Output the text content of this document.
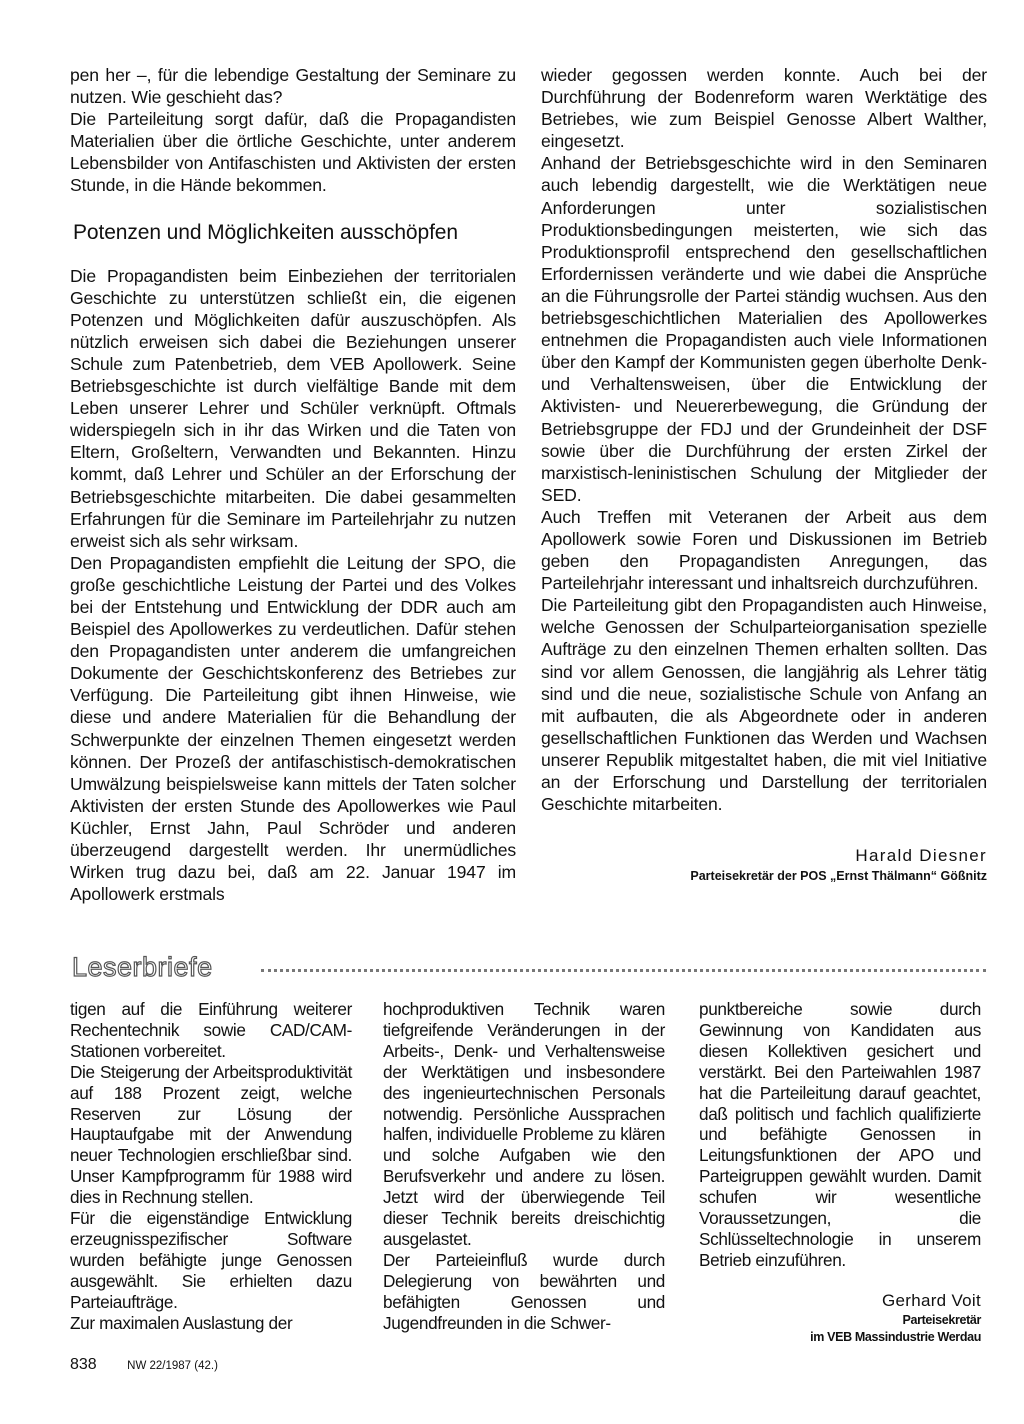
pen her –, für die lebendige Gestaltung der Seminare zu nutzen. Wie geschieht das?

Die Parteileitung sorgt dafür, daß die Propagandisten Materialien über die örtliche Geschichte, unter anderem Lebensbilder von Antifaschisten und Aktivisten der ersten Stunde, in die Hände bekommen.

Potenzen und Möglichkeiten ausschöpfen

Die Propagandisten beim Einbeziehen der territorialen Geschichte zu unterstützen schließt ein, die eigenen Potenzen und Möglichkeiten dafür auszuschöpfen. Als nützlich erweisen sich dabei die Beziehungen unserer Schule zum Patenbetrieb, dem VEB Apollowerk. Seine Betriebsgeschichte ist durch vielfältige Bande mit dem Leben unserer Lehrer und Schüler verknüpft. Oftmals widerspiegeln sich in ihr das Wirken und die Taten von Eltern, Großeltern, Verwandten und Bekannten. Hinzu kommt, daß Lehrer und Schüler an der Erforschung der Betriebsgeschichte mitarbeiten. Die dabei gesammelten Erfahrungen für die Seminare im Parteilehrjahr zu nutzen erweist sich als sehr wirksam.

Den Propagandisten empfiehlt die Leitung der SPO, die große geschichtliche Leistung der Partei und des Volkes bei der Entstehung und Entwicklung der DDR auch am Beispiel des Apollowerkes zu verdeutlichen. Dafür stehen den Propagandisten unter anderem die umfangreichen Dokumente der Geschichtskonferenz des Betriebes zur Verfügung. Die Parteileitung gibt ihnen Hinweise, wie diese und andere Materialien für die Behandlung der Schwerpunkte der einzelnen Themen eingesetzt werden können. Der Prozeß der antifaschistisch-demokratischen Umwälzung beispielsweise kann mittels der Taten solcher Aktivisten der ersten Stunde des Apollowerkes wie Paul Küchler, Ernst Jahn, Paul Schröder und anderen überzeugend dargestellt werden. Ihr unermüdliches Wirken trug dazu bei, daß am 22. Januar 1947 im Apollowerk erstmals

wieder gegossen werden konnte. Auch bei der Durchführung der Bodenreform waren Werktätige des Betriebes, wie zum Beispiel Genosse Albert Walther, eingesetzt.

Anhand der Betriebsgeschichte wird in den Seminaren auch lebendig dargestellt, wie die Werktätigen neue Anforderungen unter sozialistischen Produktionsbedingungen meisterten, wie sich das Produktionsprofil entsprechend den gesellschaftlichen Erfordernissen veränderte und wie dabei die Ansprüche an die Führungsrolle der Partei ständig wuchsen. Aus den betriebsgeschichtlichen Materialien des Apollowerkes entnehmen die Propagandisten auch viele Informationen über den Kampf der Kommunisten gegen überholte Denk- und Verhaltensweisen, über die Entwicklung der Aktivisten- und Neuererbewegung, die Gründung der Betriebsgruppe der FDJ und der Grundeinheit der DSF sowie über die Durchführung der ersten Zirkel der marxistisch-leninistischen Schulung der Mitglieder der SED.

Auch Treffen mit Veteranen der Arbeit aus dem Apollowerk sowie Foren und Diskussionen im Betrieb geben den Propagandisten Anregungen, das Parteilehrjahr interessant und inhaltsreich durchzuführen.

Die Parteileitung gibt den Propagandisten auch Hinweise, welche Genossen der Schulparteiorganisation spezielle Aufträge zu den einzelnen Themen erhalten sollten. Das sind vor allem Genossen, die langjährig als Lehrer tätig sind und die neue, sozialistische Schule von Anfang an mit aufbauten, die als Abgeordnete oder in anderen gesellschaftlichen Funktionen das Werden und Wachsen unserer Republik mitgestaltet haben, die mit viel Initiative an der Erforschung und Darstellung der territorialen Geschichte mitarbeiten.

Harald Diesner
Parteisekretär der POS „Ernst Thälmann“ Gößnitz
Leserbriefe

tigen auf die Einführung weiterer Rechentechnik sowie CAD/CAM-Stationen vorbereitet.

Die Steigerung der Arbeitsproduktivität auf 188 Prozent zeigt, welche Reserven zur Lösung der Hauptaufgabe mit der Anwendung neuer Technologien erschließbar sind. Unser Kampfprogramm für 1988 wird dies in Rechnung stellen.

Für die eigenständige Entwicklung erzeugnisspezifischer Software wurden befähigte junge Genossen ausgewählt. Sie erhielten dazu Parteiaufträge.

Zur maximalen Auslastung der

hochproduktiven Technik waren tiefgreifende Veränderungen in der Arbeits-, Denk- und Verhaltensweise der Werktätigen und insbesondere des ingenieurtechnischen Personals notwendig. Persönliche Aussprachen halfen, individuelle Probleme zu klären und solche Aufgaben wie den Berufsverkehr und andere zu lösen. Jetzt wird der überwiegende Teil dieser Technik bereits dreischichtig ausgelastet.

Der Parteieinfluß wurde durch Delegierung von bewährten und befähigten Genossen und Jugendfreunden in die Schwer-

punktbereiche sowie durch Gewinnung von Kandidaten aus diesen Kollektiven gesichert und verstärkt. Bei den Parteiwahlen 1987 hat die Parteileitung darauf geachtet, daß politisch und fachlich qualifizierte und befähigte Genossen in Leitungsfunktionen der APO und Parteigruppen gewählt wurden. Damit schufen wir wesentliche Voraussetzungen, die Schlüsseltechnologie in unserem Betrieb einzuführen.

Gerhard Voit
Parteisekretär
im VEB Massindustrie Werdau
838	NW 22/1987 (42.)
